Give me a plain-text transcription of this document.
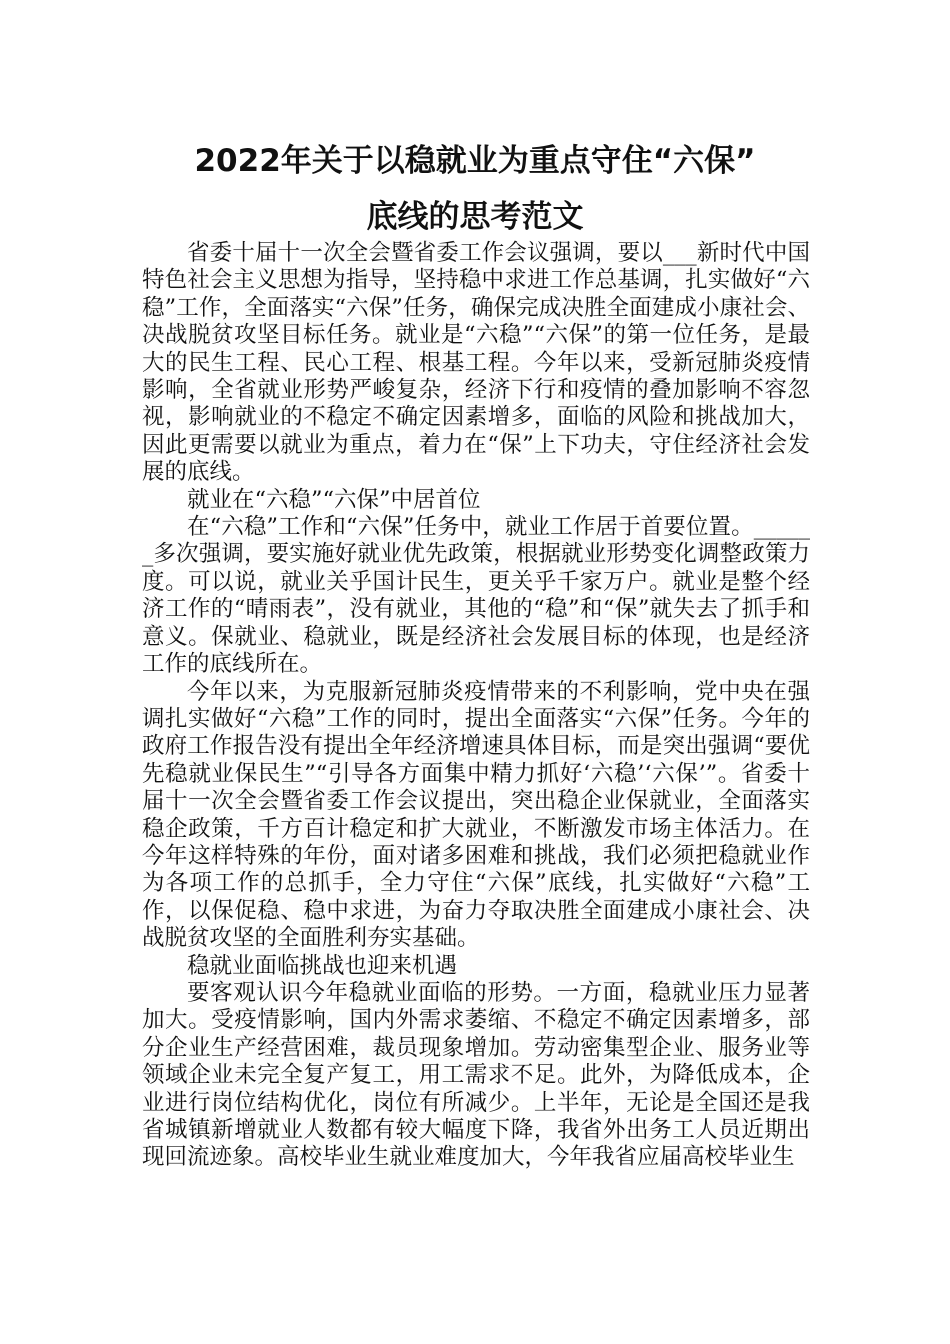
2022年关于以稳就业为重点守住“六保”
底线的思考范文

省委十届十一次全会暨省委工作会议强调，要以___新时代中国特色社会主义思想为指导，坚持稳中求进工作总基调，扎实做好“六稳”工作，全面落实“六保”任务，确保完成决胜全面建成小康社会、决战脱贫攻坚目标任务。就业是“六稳”“六保”的第一位任务，是最大的民生工程、民心工程、根基工程。今年以来，受新冠肺炎疫情影响，全省就业形势严峻复杂，经济下行和疫情的叠加影响不容忽视，影响就业的不稳定不确定因素增多，面临的风险和挑战加大，因此更需要以就业为重点，着力在“保”上下功夫，守住经济社会发展的底线。

就业在“六稳”“六保”中居首位

在“六稳”工作和“六保”任务中，就业工作居于首要位置。______多次强调，要实施好就业优先政策，根据就业形势变化调整政策力度。可以说，就业关乎国计民生，更关乎千家万户。就业是整个经济工作的“晴雨表”，没有就业，其他的“稳”和“保”就失去了抓手和意义。保就业、稳就业，既是经济社会发展目标的体现，也是经济工作的底线所在。

今年以来，为克服新冠肺炎疫情带来的不利影响，党中央在强调扎实做好“六稳”工作的同时，提出全面落实“六保”任务。今年的政府工作报告没有提出全年经济增速具体目标，而是突出强调“要优先稳就业保民生”“引导各方面集中精力抓好‘六稳’‘六保’”。省委十届十一次全会暨省委工作会议提出，突出稳企业保就业，全面落实稳企政策，千方百计稳定和扩大就业，不断激发市场主体活力。在今年这样特殊的年份，面对诸多困难和挑战，我们必须把稳就业作为各项工作的总抓手，全力守住“六保”底线，扎实做好“六稳”工作，以保促稳、稳中求进，为奋力夺取决胜全面建成小康社会、决战脱贫攻坚的全面胜利夯实基础。

稳就业面临挑战也迎来机遇

要客观认识今年稳就业面临的形势。一方面，稳就业压力显著加大。受疫情影响，国内外需求萎缩、不稳定不确定因素增多，部分企业生产经营困难，裁员现象增加。劳动密集型企业、服务业等领域企业未完全复产复工，用工需求不足。此外，为降低成本，企业进行岗位结构优化，岗位有所减少。上半年，无论是全国还是我省城镇新增就业人数都有较大幅度下降，我省外出务工人员近期出现回流迹象。高校毕业生就业难度加大，今年我省应届高校毕业生
